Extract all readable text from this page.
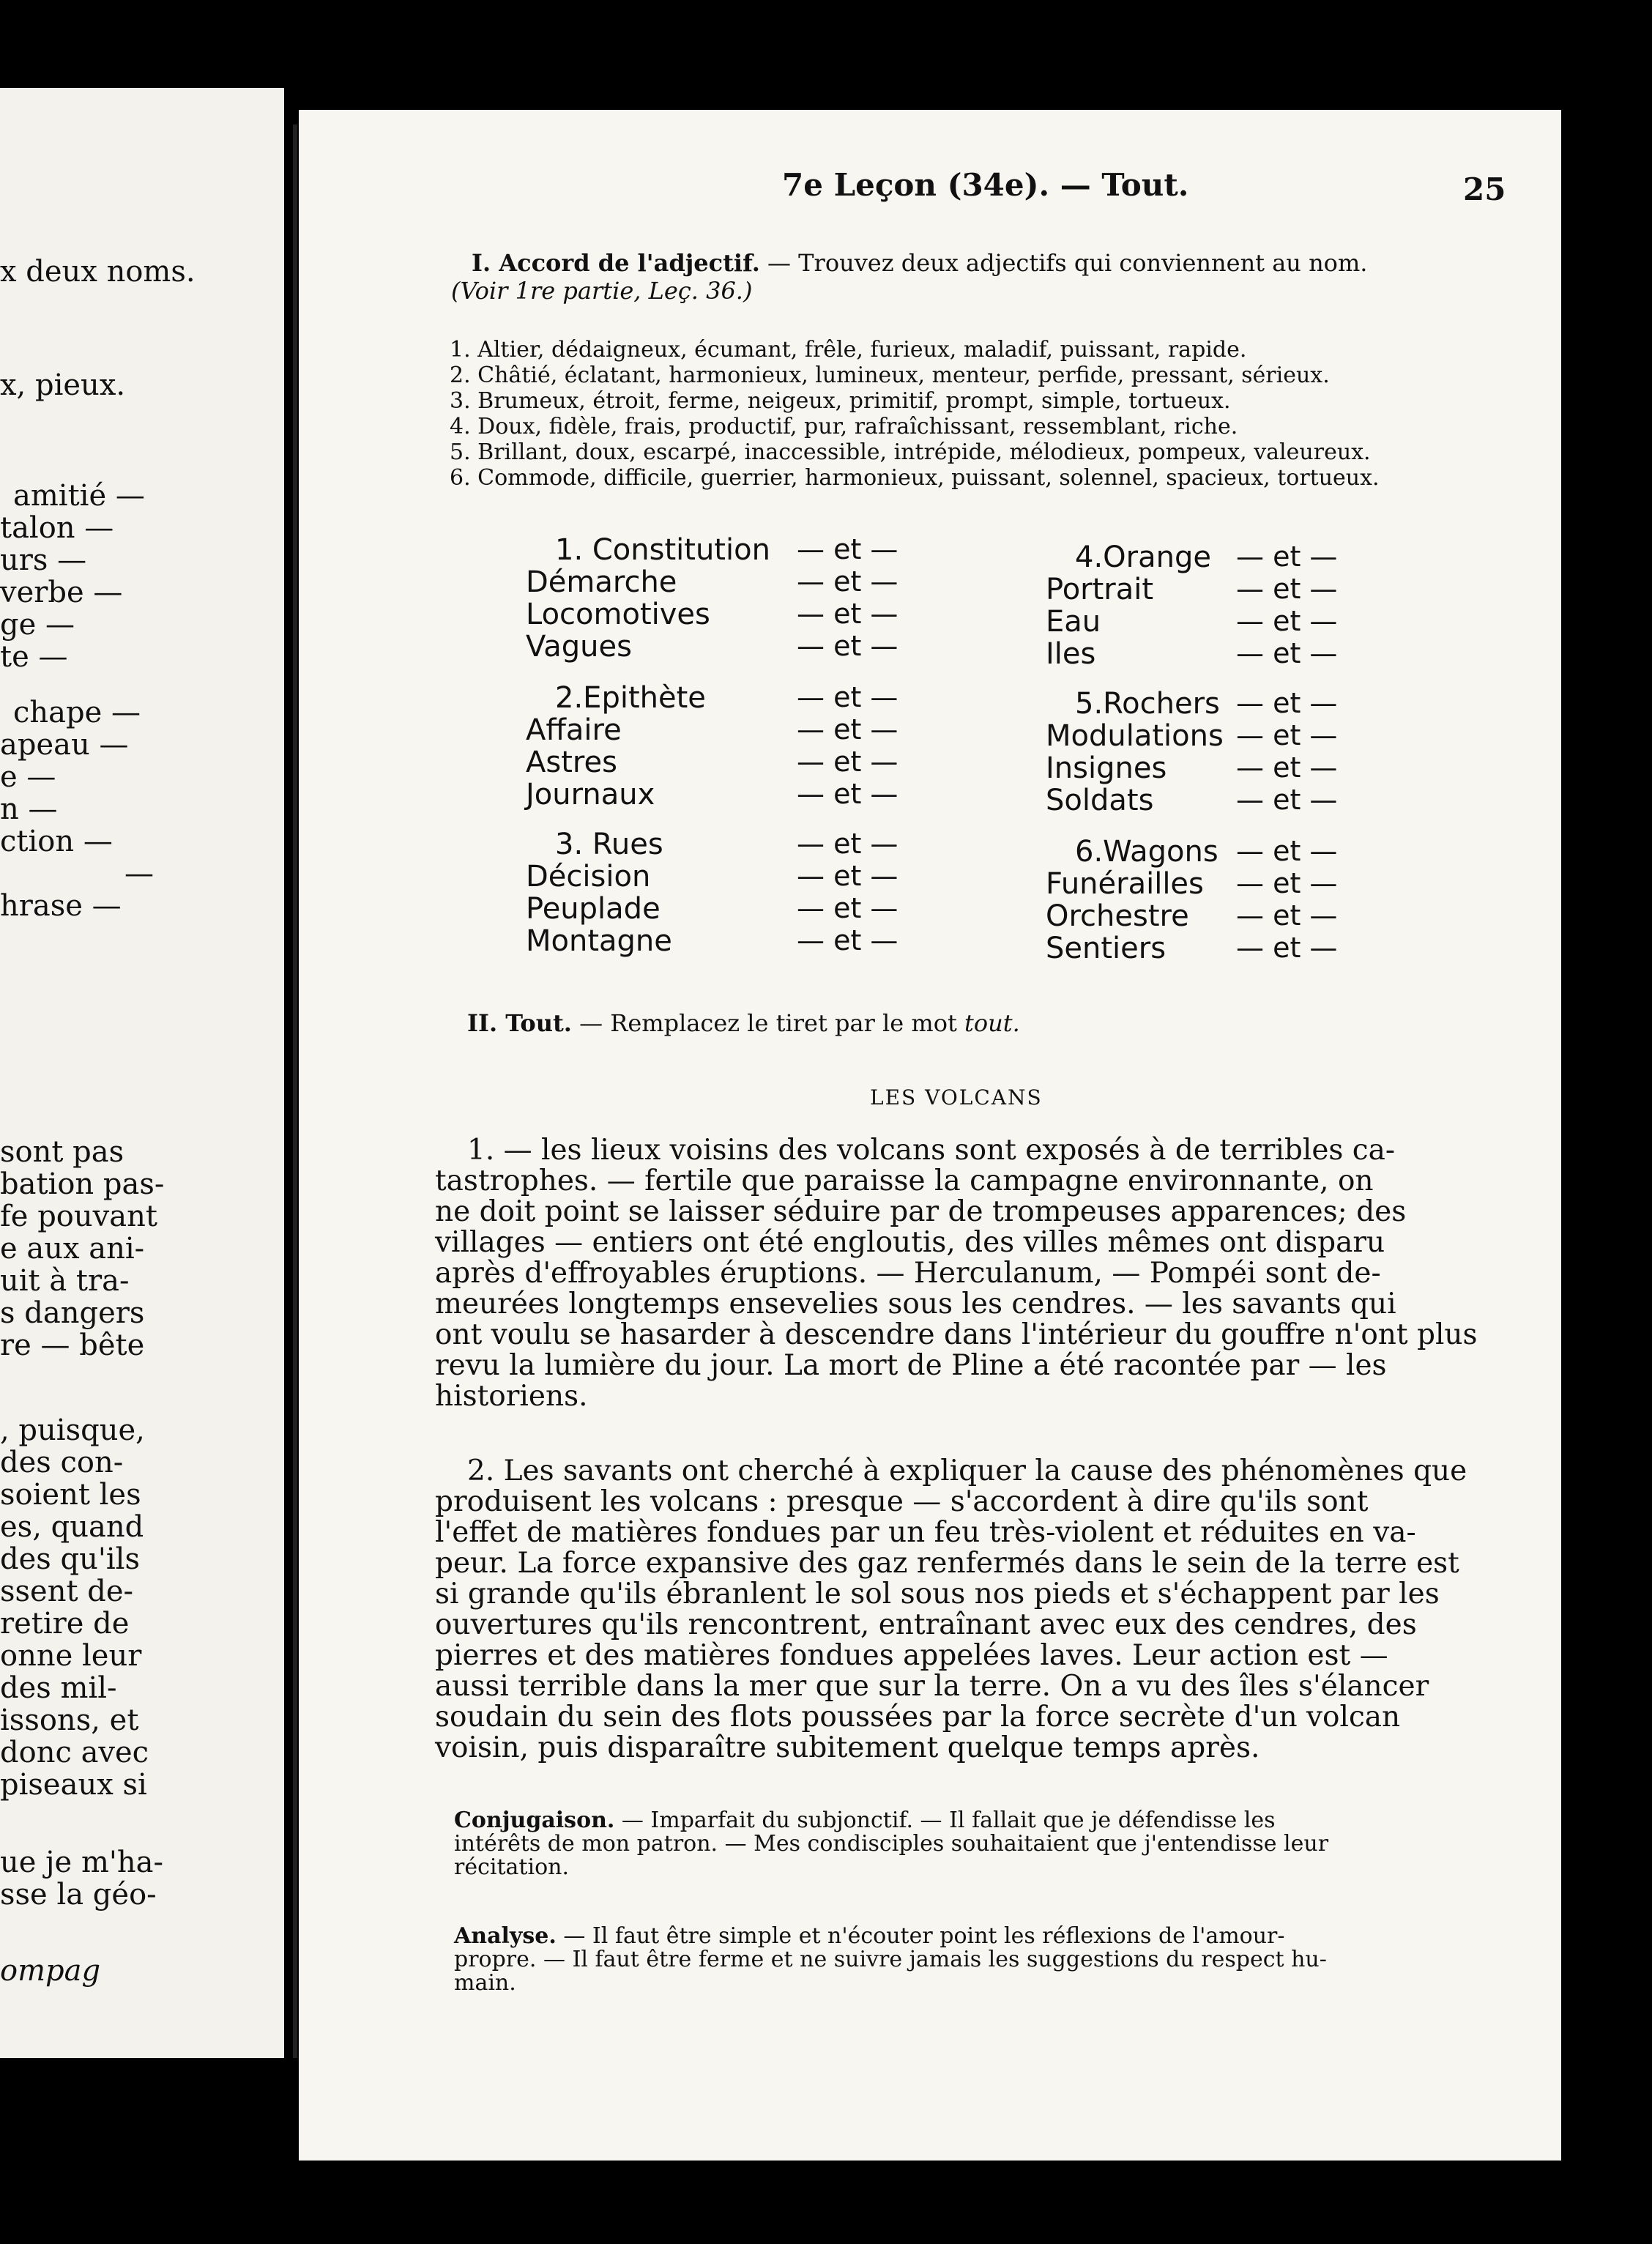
x deux noms.
x, pieux.
amitié —
talon —
urs —
verbe —
ge —
te —
chape —
apeau —
e —
n —
ction —
—
hrase —
sont pas
bation pas-
fe pouvant
e aux ani-
uit à tra-
s dangers
re — bête
, puisque,
des con-
soient les
es, quand
des qu'ils
ssent de-
retire de
onne leur
des mil-
issons, et
donc avec
piseaux si
ue je m'ha-
sse la géo-
ompag
7e Leçon (34e). — Tout.	25
I. Accord de l'adjectif. — Trouvez deux adjectifs qui conviennent au nom.
(Voir 1re partie, Leç. 36.)
1. Altier, dédaigneux, écumant, frêle, furieux, maladif, puissant, rapide.
2. Châtié, éclatant, harmonieux, lumineux, menteur, perfide, pressant, sérieux.
3. Brumeux, étroit, ferme, neigeux, primitif, prompt, simple, tortueux.
4. Doux, fidèle, frais, productif, pur, rafraîchissant, ressemblant, riche.
5. Brillant, doux, escarpé, inaccessible, intrépide, mélodieux, pompeux, valeureux.
6. Commode, difficile, guerrier, harmonieux, puissant, solennel, spacieux, tortueux.
1. Constitution
Démarche
Locomotives
Vagues
2.Epithète
Affaire
Astres
Journaux
3. Rues
Décision
Peuplade
Montagne
— et —
— et —
— et —
— et —
— et —
— et —
— et —
— et —
— et —
— et —
— et —
— et —
4.Orange
Portrait
Eau
Iles
5.Rochers
Modulations
Insignes
Soldats
6.Wagons
Funérailles
Orchestre
Sentiers
— et —
— et —
— et —
— et —
— et —
— et —
— et —
— et —
— et —
— et —
— et —
— et —
II. Tout. — Remplacez le tiret par le mot tout.
LES VOLCANS
1. — les lieux voisins des volcans sont exposés à de terribles ca-
tastrophes. — fertile que paraisse la campagne environnante, on
ne doit point se laisser séduire par de trompeuses apparences; des
villages — entiers ont été engloutis, des villes mêmes ont disparu
après d'effroyables éruptions. — Herculanum, — Pompéi sont de-
meurées longtemps ensevelies sous les cendres. — les savants qui
ont voulu se hasarder à descendre dans l'intérieur du gouffre n'ont plus
revu la lumière du jour. La mort de Pline a été racontée par — les
historiens.
2. Les savants ont cherché à expliquer la cause des phénomènes que
produisent les volcans : presque — s'accordent à dire qu'ils sont
l'effet de matières fondues par un feu très-violent et réduites en va-
peur. La force expansive des gaz renfermés dans le sein de la terre est
si grande qu'ils ébranlent le sol sous nos pieds et s'échappent par les
ouvertures qu'ils rencontrent, entraînant avec eux des cendres, des
pierres et des matières fondues appelées laves. Leur action est —
aussi terrible dans la mer que sur la terre. On a vu des îles s'élancer
soudain du sein des flots poussées par la force secrète d'un volcan
voisin, puis disparaître subitement quelque temps après.
Conjugaison. — Imparfait du subjonctif. — Il fallait que je défendisse les
intérêts de mon patron. — Mes condisciples souhaitaient que j'entendisse leur
récitation.
Analyse. — Il faut être simple et n'écouter point les réflexions de l'amour-
propre. — Il faut être ferme et ne suivre jamais les suggestions du respect hu-
main.
